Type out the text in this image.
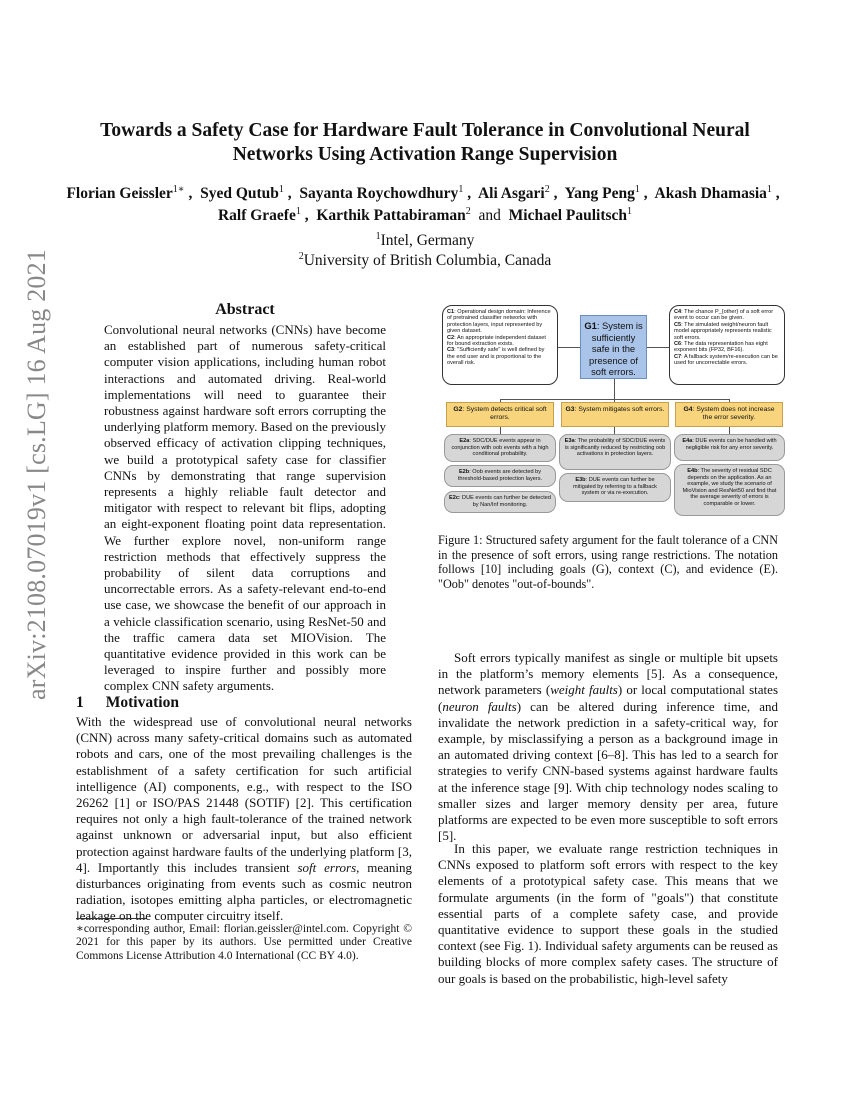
arXiv:2108.07019v1 [cs.LG] 16 Aug 2021
Towards a Safety Case for Hardware Fault Tolerance in Convolutional Neural
Networks Using Activation Range Supervision
Florian Geissler$^{1∗}$ ,  Syed Qutub$^1$ ,  Sayanta Roychowdhury$^1$ ,  Ali Asgari$^2$ ,  Yang Peng$^1$ ,  Akash Dhamasia$^1$ ,  Ralf Graefe$^1$ ,  Karthik Pattabiraman$^2$ and Michael Paulitsch$^1$
$^1$Intel, Germany
$^2$University of British Columbia, Canada
Abstract
Convolutional neural networks (CNNs) have become an established part of numerous safety-critical computer vision applications, including human robot interactions and automated driving. Real-world implementations will need to guarantee their robustness against hardware soft errors corrupting the underlying platform memory. Based on the previously observed efficacy of activation clipping techniques, we build a prototypical safety case for classifier CNNs by demonstrating that range supervision represents a highly reliable fault detector and mitigator with respect to relevant bit flips, adopting an eight-exponent floating point data representation. We further explore novel, non-uniform range restriction methods that effectively suppress the probability of silent data corruptions and uncorrectable errors. As a safety-relevant end-to-end use case, we showcase the benefit of our approach in a vehicle classification scenario, using ResNet-50 and the traffic camera data set MIOVision. The quantitative evidence provided in this work can be leveraged to inspire further and possibly more complex CNN safety arguments.
1 Motivation
With the widespread use of convolutional neural networks (CNN) across many safety-critical domains such as automated robots and cars, one of the most prevailing challenges is the establishment of a safety certification for such artificial intelligence (AI) components, e.g., with respect to the ISO 26262 [1] or ISO/PAS 21448 (SOTIF) [2]. This certification requires not only a high fault-tolerance of the trained network against unknown or adversarial input, but also efficient protection against hardware faults of the underlying platform [3, 4]. Importantly this includes transient soft errors, meaning disturbances originating from events such as cosmic neutron radiation, isotopes emitting alpha particles, or electromagnetic leakage on the computer circuitry itself.
∗corresponding author, Email: florian.geissler@intel.com. Copyright © 2021 for this paper by its authors. Use permitted under Creative Commons License Attribution 4.0 International (CC BY 4.0).
C1: Operational design domain: Inference of pretrained classifier networks with protection layers, input represented by given dataset.
C2: An appropriate independent dataset for bound extraction exists.
C3: "Sufficiently safe" is well defined by the end user and is proportional to the overall risk.
G1: System is sufficiently safe in the presence of soft errors.
C4: The chance P_{other} of a soft error event to occur can be given.
C5: The simulated weight/neuron fault model appropriately represents realistic soft errors.
C6: The data representation has eight exponent bits (FP32, BF16).
C7: A fallback system/re-execution can be used for uncorrectable errors.
G2: System detects critical soft errors.
G3: System mitigates soft errors.	G4: System does not increase the error severity.
E2a: SDC/DUE events appear in conjunction with oob events with a high conditional probability.
E2b: Oob events are detected by threshold-based protection layers.
E2c: DUE events can further be detected by Nan/Inf monitoring.
E3a: The probability of SDC/DUE events is significantly reduced by restricting oob activations in protection layers.
E3b: DUE events can further be mitigated by referring to a fallback system or via re-execution.
E4a: DUE events can be handled with negligible risk for any error severity.
E4b: The severity of residual SDC depends on the application. As an example, we study the scenario of MioVision and ResNet50 and find that the average severity of errors is comparable or lower.
Figure 1: Structured safety argument for the fault tolerance of a CNN in the presence of soft errors, using range restrictions. The notation follows [10] including goals (G), context (C), and evidence (E). "Oob" denotes "out-of-bounds".
Soft errors typically manifest as single or multiple bit upsets in the platform’s memory elements [5]. As a consequence, network parameters (weight faults) or local computational states (neuron faults) can be altered during inference time, and invalidate the network prediction in a safety-critical way, for example, by misclassifying a person as a background image in an automated driving context [6–8]. This has led to a search for strategies to verify CNN-based systems against hardware faults at the inference stage [9]. With chip technology nodes scaling to smaller sizes and larger memory density per area, future platforms are expected to be even more susceptible to soft errors [5].
In this paper, we evaluate range restriction techniques in CNNs exposed to platform soft errors with respect to the key elements of a prototypical safety case. This means that we formulate arguments (in the form of "goals") that constitute essential parts of a complete safety case, and provide quantitative evidence to support these goals in the studied context (see Fig. 1). Individual safety arguments can be reused as building blocks of more complex safety cases. The structure of our goals is based on the probabilistic, high-level safety
